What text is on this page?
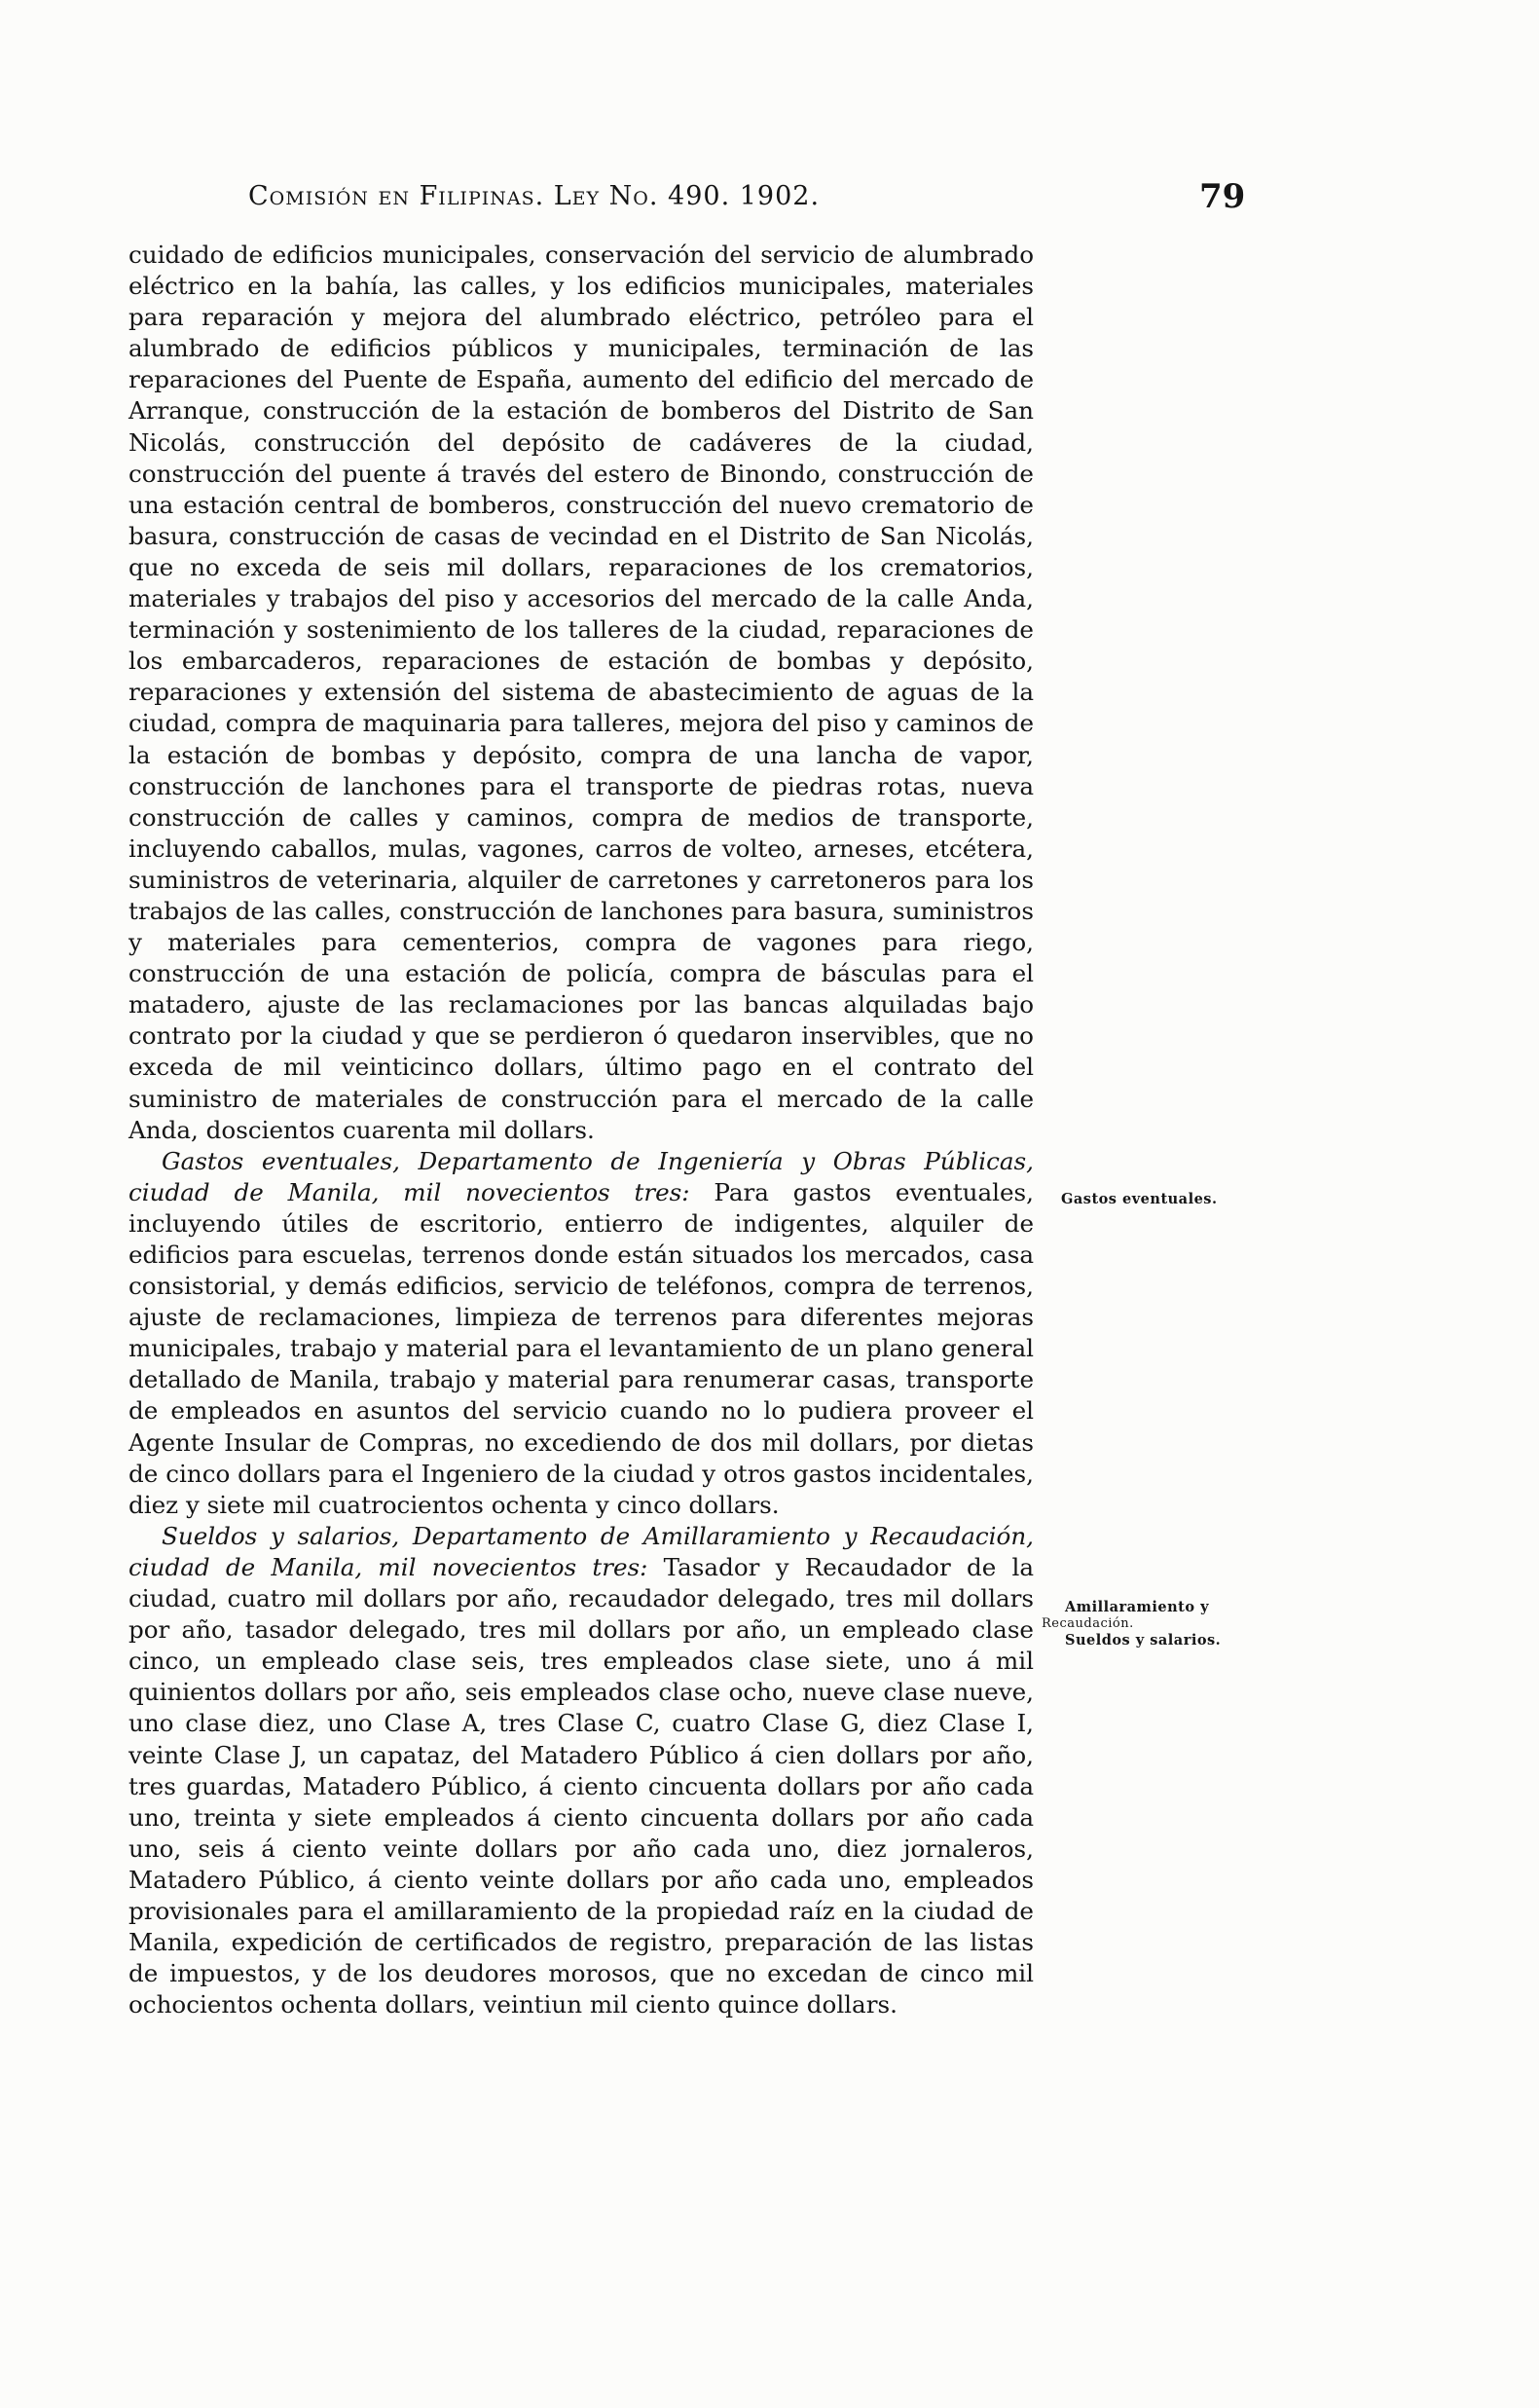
Comisión en Filipinas. Ley No. 490. 1902.	79

cuidado de edificios municipales, conservación del servicio de alumbrado eléctrico en la bahía, las calles, y los edificios municipales, materiales para reparación y mejora del alumbrado eléctrico, petróleo para el alumbrado de edificios públicos y municipales, terminación de las reparaciones del Puente de España, aumento del edificio del mercado de Arranque, construcción de la estación de bomberos del Distrito de San Nicolás, construcción del depósito de cadáveres de la ciudad, construcción del puente á través del estero de Binondo, construcción de una estación central de bomberos, construcción del nuevo crematorio de basura, construcción de casas de vecindad en el Distrito de San Nicolás, que no exceda de seis mil dollars, reparaciones de los crematorios, materiales y trabajos del piso y accesorios del mercado de la calle Anda, terminación y sostenimiento de los talleres de la ciudad, reparaciones de los embarcaderos, reparaciones de estación de bombas y depósito, reparaciones y extensión del sistema de abastecimiento de aguas de la ciudad, compra de maquinaria para talleres, mejora del piso y caminos de la estación de bombas y depósito, compra de una lancha de vapor, construcción de lanchones para el transporte de piedras rotas, nueva construcción de calles y caminos, compra de medios de transporte, incluyendo caballos, mulas, vagones, carros de volteo, arneses, etcétera, suministros de veterinaria, alquiler de carretones y carretoneros para los trabajos de las calles, construcción de lanchones para basura, suministros y materiales para cementerios, compra de vagones para riego, construcción de una estación de policía, compra de básculas para el matadero, ajuste de las reclamaciones por las bancas alquiladas bajo contrato por la ciudad y que se perdieron ó quedaron inservibles, que no exceda de mil veinticinco dollars, último pago en el contrato del suministro de materiales de construcción para el mercado de la calle Anda, doscientos cuarenta mil dollars.

Gastos eventuales, Departamento de Ingeniería y Obras Públicas, ciudad de Manila, mil novecientos tres: Para gastos eventuales, incluyendo útiles de escritorio, entierro de indigentes, alquiler de edificios para escuelas, terrenos donde están situados los mercados, casa consistorial, y demás edificios, servicio de teléfonos, compra de terrenos, ajuste de reclamaciones, limpieza de terrenos para diferentes mejoras municipales, trabajo y material para el levantamiento de un plano general detallado de Manila, trabajo y material para renumerar casas, transporte de empleados en asuntos del servicio cuando no lo pudiera proveer el Agente Insular de Compras, no excediendo de dos mil dollars, por dietas de cinco dollars para el Ingeniero de la ciudad y otros gastos incidentales, diez y siete mil cuatrocientos ochenta y cinco dollars.

Sueldos y salarios, Departamento de Amillaramiento y Recaudación, ciudad de Manila, mil novecientos tres: Tasador y Recaudador de la ciudad, cuatro mil dollars por año, recaudador delegado, tres mil dollars por año, tasador delegado, tres mil dollars por año, un empleado clase cinco, un empleado clase seis, tres empleados clase siete, uno á mil quinientos dollars por año, seis empleados clase ocho, nueve clase nueve, uno clase diez, uno Clase A, tres Clase C, cuatro Clase G, diez Clase I, veinte Clase J, un capataz, del Matadero Público á cien dollars por año, tres guardas, Matadero Público, á ciento cincuenta dollars por año cada uno, treinta y siete empleados á ciento cincuenta dollars por año cada uno, seis á ciento veinte dollars por año cada uno, diez jornaleros, Matadero Público, á ciento veinte dollars por año cada uno, empleados provisionales para el amillaramiento de la propiedad raíz en la ciudad de Manila, expedición de certificados de registro, preparación de las listas de impuestos, y de los deudores morosos, que no excedan de cinco mil ochocientos ochenta dollars, veintiun mil ciento quince dollars.

Gastos eventuales.
Amillaramiento y
Recaudación.
Sueldos y salarios.
